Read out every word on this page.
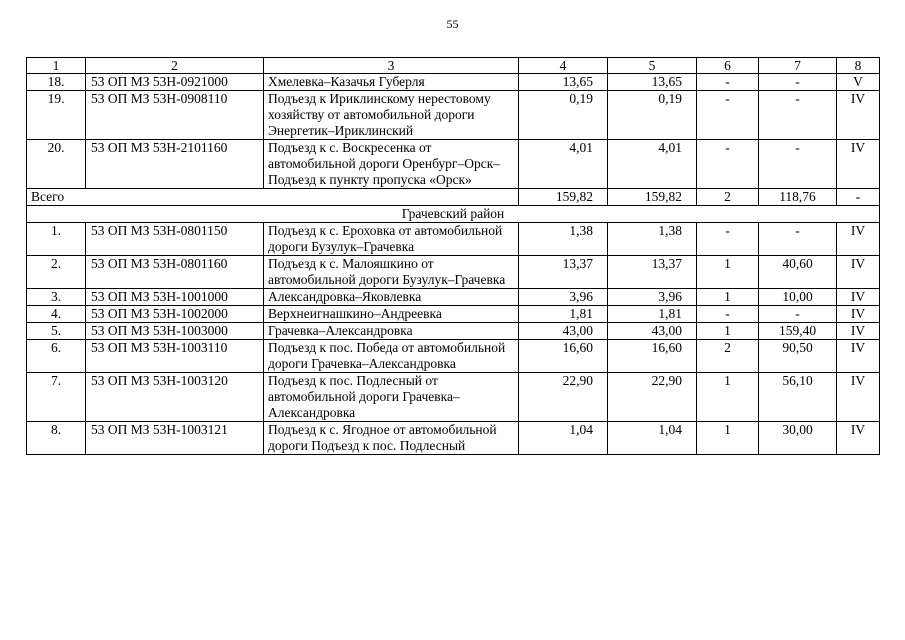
55
1	2	3	4	5	6	7	8
18.	53 ОП МЗ 53Н-0921000	Хмелевка–Казачья Губерля	13,65	13,65	-	-	V
19.	53 ОП МЗ 53Н-0908110	Подъезд к Ириклинскому нерестовому хозяйству от автомобильной дороги Энергетик–Ириклинский	0,19	0,19	-	-	IV
20.	53 ОП МЗ 53Н-2101160	Подъезд к с. Воскресенка от автомобильной дороги Оренбург–Орск–Подъезд к пункту пропуска «Орск»	4,01	4,01	-	-	IV
Всего			159,82	159,82	2	118,76	-
Грачевский район							
1.	53 ОП МЗ 53Н-0801150	Подъезд к с. Ероховка от автомобильной дороги Бузулук–Грачевка	1,38	1,38	-	-	IV
2.	53 ОП МЗ 53Н-0801160	Подъезд к с. Малояшкино от автомобильной дороги Бузулук–Грачевка	13,37	13,37	1	40,60	IV
3.	53 ОП МЗ 53Н-1001000	Александровка–Яковлевка	3,96	3,96	1	10,00	IV
4.	53 ОП МЗ 53Н-1002000	Верхнеигнашкино–Андреевка	1,81	1,81	-	-	IV
5.	53 ОП МЗ 53Н-1003000	Грачевка–Александровка	43,00	43,00	1	159,40	IV
6.	53 ОП МЗ 53Н-1003110	Подъезд к пос. Победа от автомобильной дороги Грачевка–Александровка	16,60	16,60	2	90,50	IV
7.	53 ОП МЗ 53Н-1003120	Подъезд к пос. Подлесный от автомобильной дороги Грачевка–Александровка	22,90	22,90	1	56,10	IV
8.	53 ОП МЗ 53Н-1003121	Подъезд к с. Ягодное от автомобильной дороги Подъезд к пос. Подлесный	1,04	1,04	1	30,00	IV
